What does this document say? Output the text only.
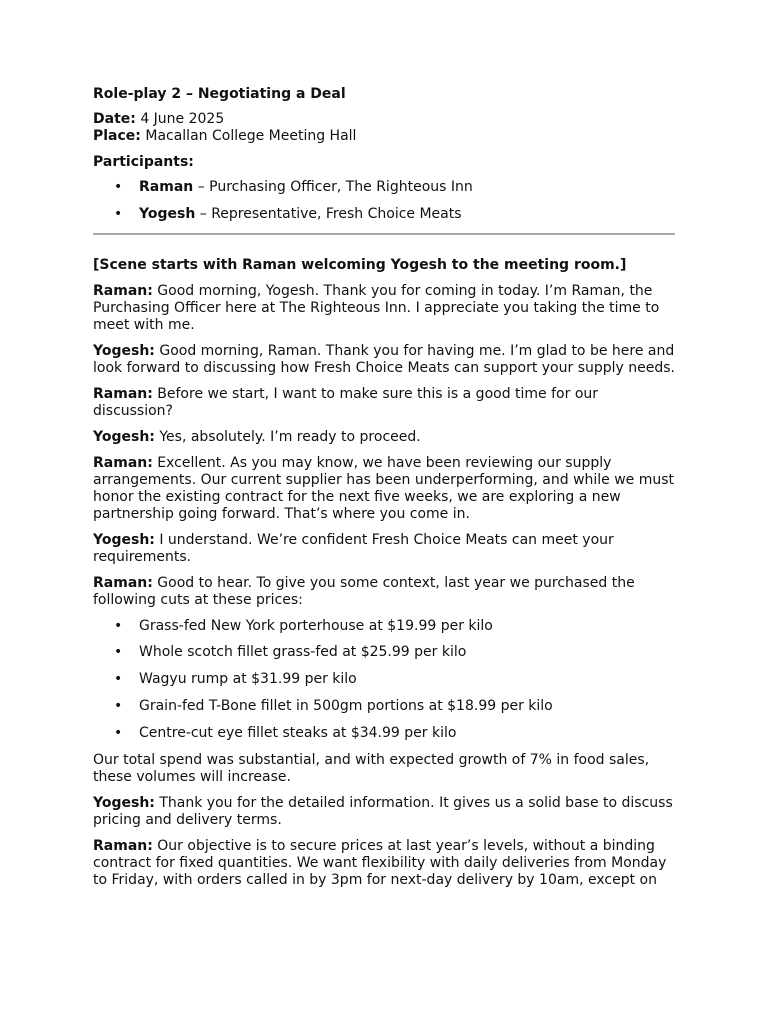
Role-play 2 – Negotiating a Deal

Date: 4 June 2025

Place: Macallan College Meeting Hall

Participants:
• Raman – Purchasing Officer, The Righteous Inn
• Yogesh – Representative, Fresh Choice Meats
[Scene starts with Raman welcoming Yogesh to the meeting room.]

Raman: Good morning, Yogesh. Thank you for coming in today. I’m Raman, the Purchasing Officer here at The Righteous Inn. I appreciate you taking the time to meet with me.

Yogesh: Good morning, Raman. Thank you for having me. I’m glad to be here and look forward to discussing how Fresh Choice Meats can support your supply needs.

Raman: Before we start, I want to make sure this is a good time for our discussion?

Yogesh: Yes, absolutely. I’m ready to proceed.

Raman: Excellent. As you may know, we have been reviewing our supply arrangements. Our current supplier has been underperforming, and while we must honor the existing contract for the next five weeks, we are exploring a new partnership going forward. That’s where you come in.

Yogesh: I understand. We’re confident Fresh Choice Meats can meet your requirements.

Raman: Good to hear. To give you some context, last year we purchased the following cuts at these prices:

• Grass-fed New York porterhouse at $19.99 per kilo
• Whole scotch fillet grass-fed at $25.99 per kilo
• Wagyu rump at $31.99 per kilo
• Grain-fed T-Bone fillet in 500gm portions at $18.99 per kilo
• Centre-cut eye fillet steaks at $34.99 per kilo

Our total spend was substantial, and with expected growth of 7% in food sales, these volumes will increase.

Yogesh: Thank you for the detailed information. It gives us a solid base to discuss pricing and delivery terms.

Raman: Our objective is to secure prices at last year’s levels, without a binding contract for fixed quantities. We want flexibility with daily deliveries from Monday to Friday, with orders called in by 3pm for next-day delivery by 10am, except on
